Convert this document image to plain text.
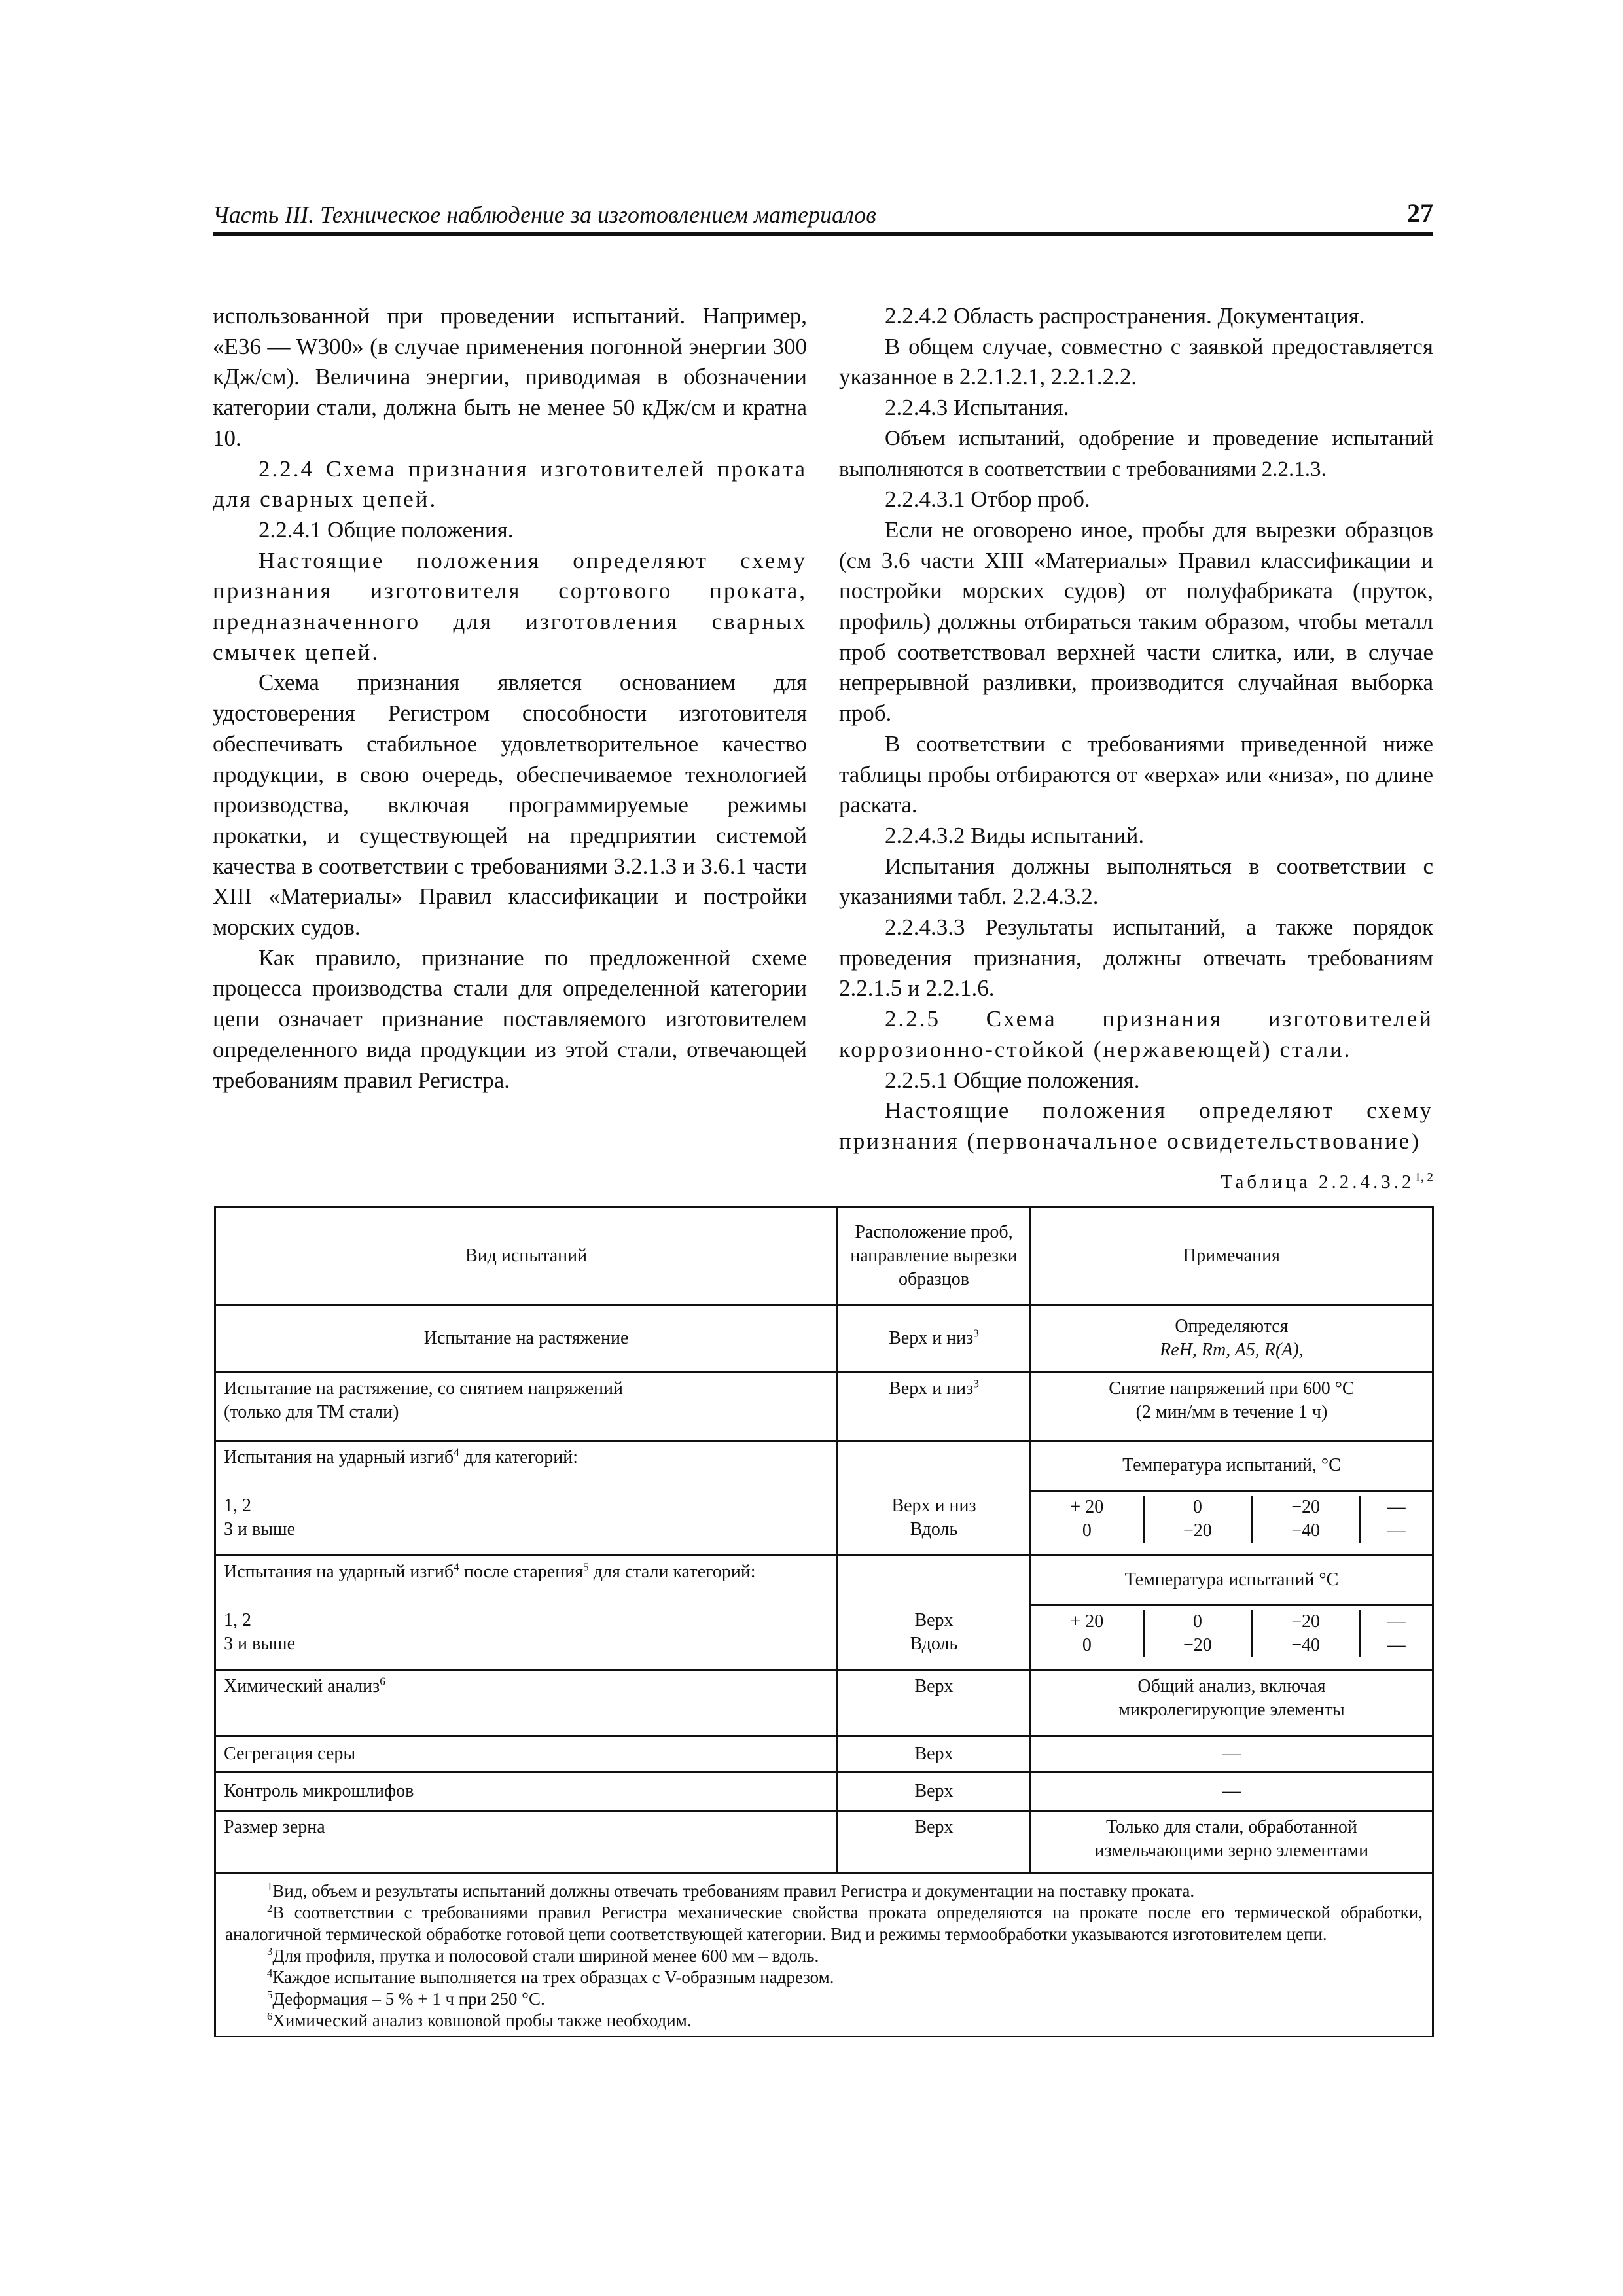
Часть III. Техническое наблюдение за изготовлением материалов	27

использованной при проведении испытаний. Например, «E36 — W300» (в случае применения погонной энергии 300 кДж/см). Величина энергии, приводимая в обозначении категории стали, должна быть не менее 50 кДж/см и кратна 10.

2.2.4 Схема признания изготовителей проката для сварных цепей.

2.2.4.1 Общие положения.

Настоящие положения определяют схему признания изготовителя сортового проката, предназначенного для изготовления сварных смычек цепей.

Схема признания является основанием для удостоверения Регистром способности изготовителя обеспечивать стабильное удовлетворительное качество продукции, в свою очередь, обеспечиваемое технологией производства, включая программируемые режимы прокатки, и существующей на предприятии системой качества в соответствии с требованиями 3.2.1.3 и 3.6.1 части XIII «Материалы» Правил классификации и постройки морских судов.

Как правило, признание по предложенной схеме процесса производства стали для определенной категории цепи означает признание поставляемого изготовителем определенного вида продукции из этой стали, отвечающей требованиям правил Регистра.

2.2.4.2 Область распространения. Документация.

В общем случае, совместно с заявкой предоставляется указанное в 2.2.1.2.1, 2.2.1.2.2.

2.2.4.3 Испытания.

Объем испытаний, одобрение и проведение испытаний выполняются в соответствии с требованиями 2.2.1.3.

2.2.4.3.1 Отбор проб.

Если не оговорено иное, пробы для вырезки образцов (см 3.6 части XIII «Материалы» Правил классификации и постройки морских судов) от полуфабриката (пруток, профиль) должны отбираться таким образом, чтобы металл проб соответствовал верхней части слитка, или, в случае непрерывной разливки, производится случайная выборка проб.

В соответствии с требованиями приведенной ниже таблицы пробы отбираются от «верха» или «низа», по длине раската.

2.2.4.3.2 Виды испытаний.

Испытания должны выполняться в соответствии с указаниями табл. 2.2.4.3.2.

2.2.4.3.3 Результаты испытаний, а также порядок проведения признания, должны отвечать требованиям 2.2.1.5 и 2.2.1.6.

2.2.5 Схема признания изготовителей коррозионно-стойкой (нержавеющей) стали.

2.2.5.1 Общие положения.

Настоящие положения определяют схему признания (первоначальное освидетельствование)

Таблица 2.2.4.3.2$^{1, 2}$
Вид испытаний	Расположение проб, направление вырезки образцов	Примечания
Испытание на растяжение	Верх и низ$^3$	Определяются
ReH, Rm, A5, R(A),

Испытание на растяжение, со снятием напряжений
(только для ТМ стали)
	Верх и низ$^3$	Снятие напряжений при 600 °С
(2 мин/мм в течение 1 ч)

Испытания на ударный изгиб$^4$ для категорий:		Температура испытаний, °С

1, 2
3 и выше

Верх и низ
Вдоль

+ 20	0	−20	—
0	−20	−40	—

Испытания на ударный изгиб$^4$ после старения$^5$ для стали категорий:		Температура испытаний °С

1, 2
3 и выше

Верх
Вдоль

+ 20	0	−20	—
0	−20	−40	—

Химический анализ$^6$	Верх	Общий анализ, включая
микролегирующие элементы

Сегрегация серы	Верх	—
Контроль микрошлифов	Верх	—
Размер зерна	Верх	Только для стали, обработанной
измельчающими зерно элементами

$^1$Вид, объем и результаты испытаний должны отвечать требованиям правил Регистра и документации на поставку проката.

$^2$В соответствии с требованиями правил Регистра механические свойства проката определяются на прокате после его термической обработки, аналогичной термической обработке готовой цепи соответствующей категории. Вид и режимы термообработки указываются изготовителем цепи.

$^3$Для профиля, прутка и полосовой стали шириной менее 600 мм – вдоль.

$^4$Каждое испытание выполняется на трех образцах с V-образным надрезом.

$^5$Деформация – 5 % + 1 ч при 250 °С.

$^6$Химический анализ ковшовой пробы также необходим.
